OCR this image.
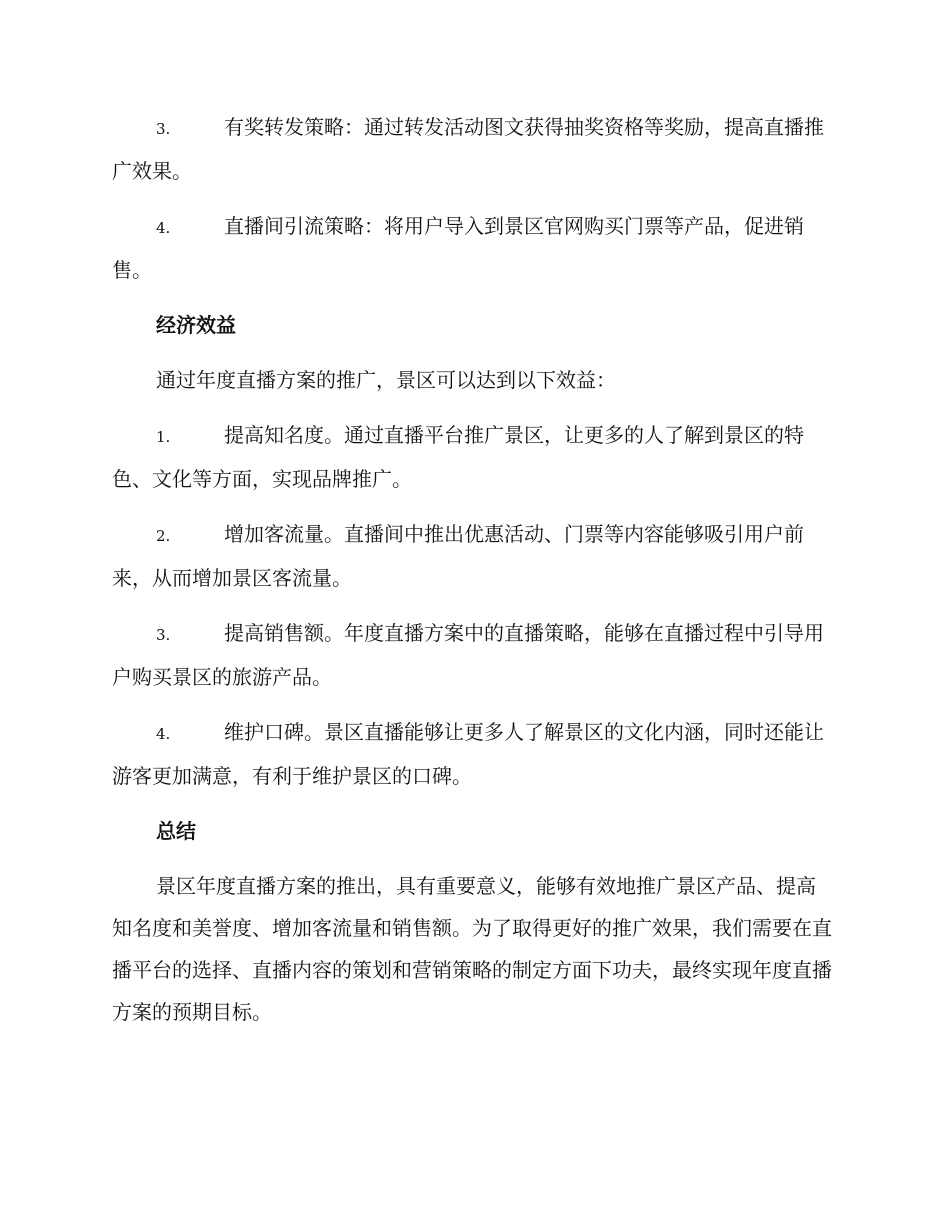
3.	有奖转发策略：通过转发活动图文获得抽奖资格等奖励，提高直播推广效果。
4.	直播间引流策略：将用户导入到景区官网购买门票等产品，促进销售。
经济效益
通过年度直播方案的推广，景区可以达到以下效益：
1.	提高知名度。通过直播平台推广景区，让更多的人了解到景区的特色、文化等方面，实现品牌推广。
2.	增加客流量。直播间中推出优惠活动、门票等内容能够吸引用户前来，从而增加景区客流量。
3.	提高销售额。年度直播方案中的直播策略，能够在直播过程中引导用户购买景区的旅游产品。
4.	维护口碑。景区直播能够让更多人了解景区的文化内涵，同时还能让游客更加满意，有利于维护景区的口碑。
总结
景区年度直播方案的推出，具有重要意义，能够有效地推广景区产品、提高知名度和美誉度、增加客流量和销售额。为了取得更好的推广效果，我们需要在直播平台的选择、直播内容的策划和营销策略的制定方面下功夫，最终实现年度直播方案的预期目标。
